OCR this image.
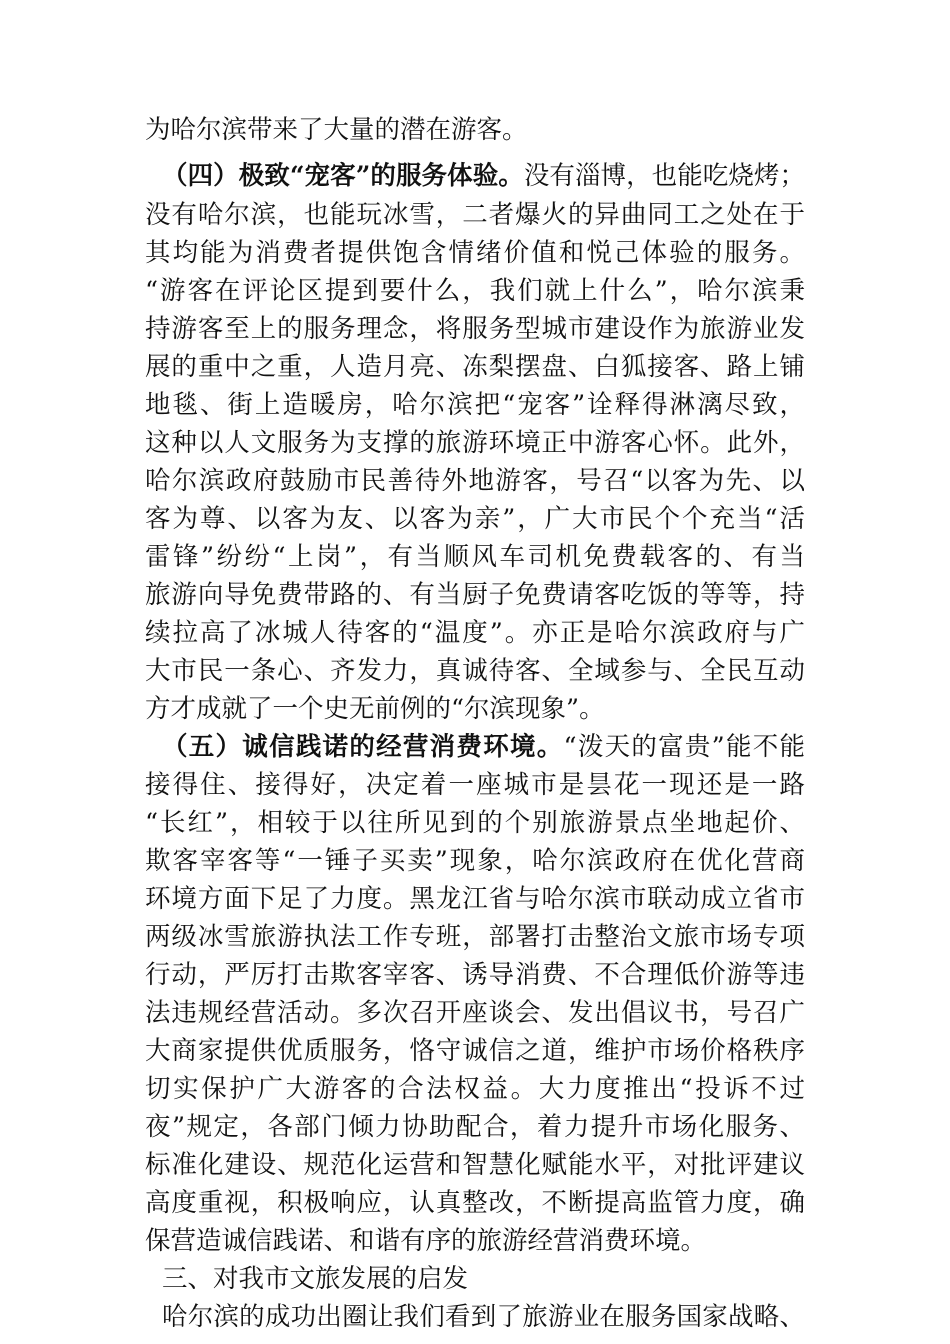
为哈尔滨带来了大量的潜在游客。
（四）极致“宠客”的服务体验。没有淄博，也能吃烧烤；
没有哈尔滨，也能玩冰雪，二者爆火的异曲同工之处在于
其均能为消费者提供饱含情绪价值和悦己体验的服务。
“游客在评论区提到要什么，我们就上什么”，哈尔滨秉
持游客至上的服务理念，将服务型城市建设作为旅游业发
展的重中之重，人造月亮、冻梨摆盘、白狐接客、路上铺
地毯、街上造暖房，哈尔滨把“宠客”诠释得淋漓尽致，
这种以人文服务为支撑的旅游环境正中游客心怀。此外，
哈尔滨政府鼓励市民善待外地游客，号召“以客为先、以
客为尊、以客为友、以客为亲”，广大市民个个充当“活
雷锋”纷纷“上岗”，有当顺风车司机免费载客的、有当
旅游向导免费带路的、有当厨子免费请客吃饭的等等，持
续拉高了冰城人待客的“温度”。亦正是哈尔滨政府与广
大市民一条心、齐发力，真诚待客、全域参与、全民互动
方才成就了一个史无前例的“尔滨现象”。
（五）诚信践诺的经营消费环境。“泼天的富贵”能不能
接得住、接得好，决定着一座城市是昙花一现还是一路
“长红”，相较于以往所见到的个别旅游景点坐地起价、
欺客宰客等“一锤子买卖”现象，哈尔滨政府在优化营商
环境方面下足了力度。黑龙江省与哈尔滨市联动成立省市
两级冰雪旅游执法工作专班，部署打击整治文旅市场专项
行动，严厉打击欺客宰客、诱导消费、不合理低价游等违
法违规经营活动。多次召开座谈会、发出倡议书，号召广
大商家提供优质服务，恪守诚信之道，维护市场价格秩序
切实保护广大游客的合法权益。大力度推出“投诉不过
夜”规定，各部门倾力协助配合，着力提升市场化服务、
标准化建设、规范化运营和智慧化赋能水平，对批评建议
高度重视，积极响应，认真整改，不断提高监管力度，确
保营造诚信践诺、和谐有序的旅游经营消费环境。
三、对我市文旅发展的启发
哈尔滨的成功出圈让我们看到了旅游业在服务国家战略、
